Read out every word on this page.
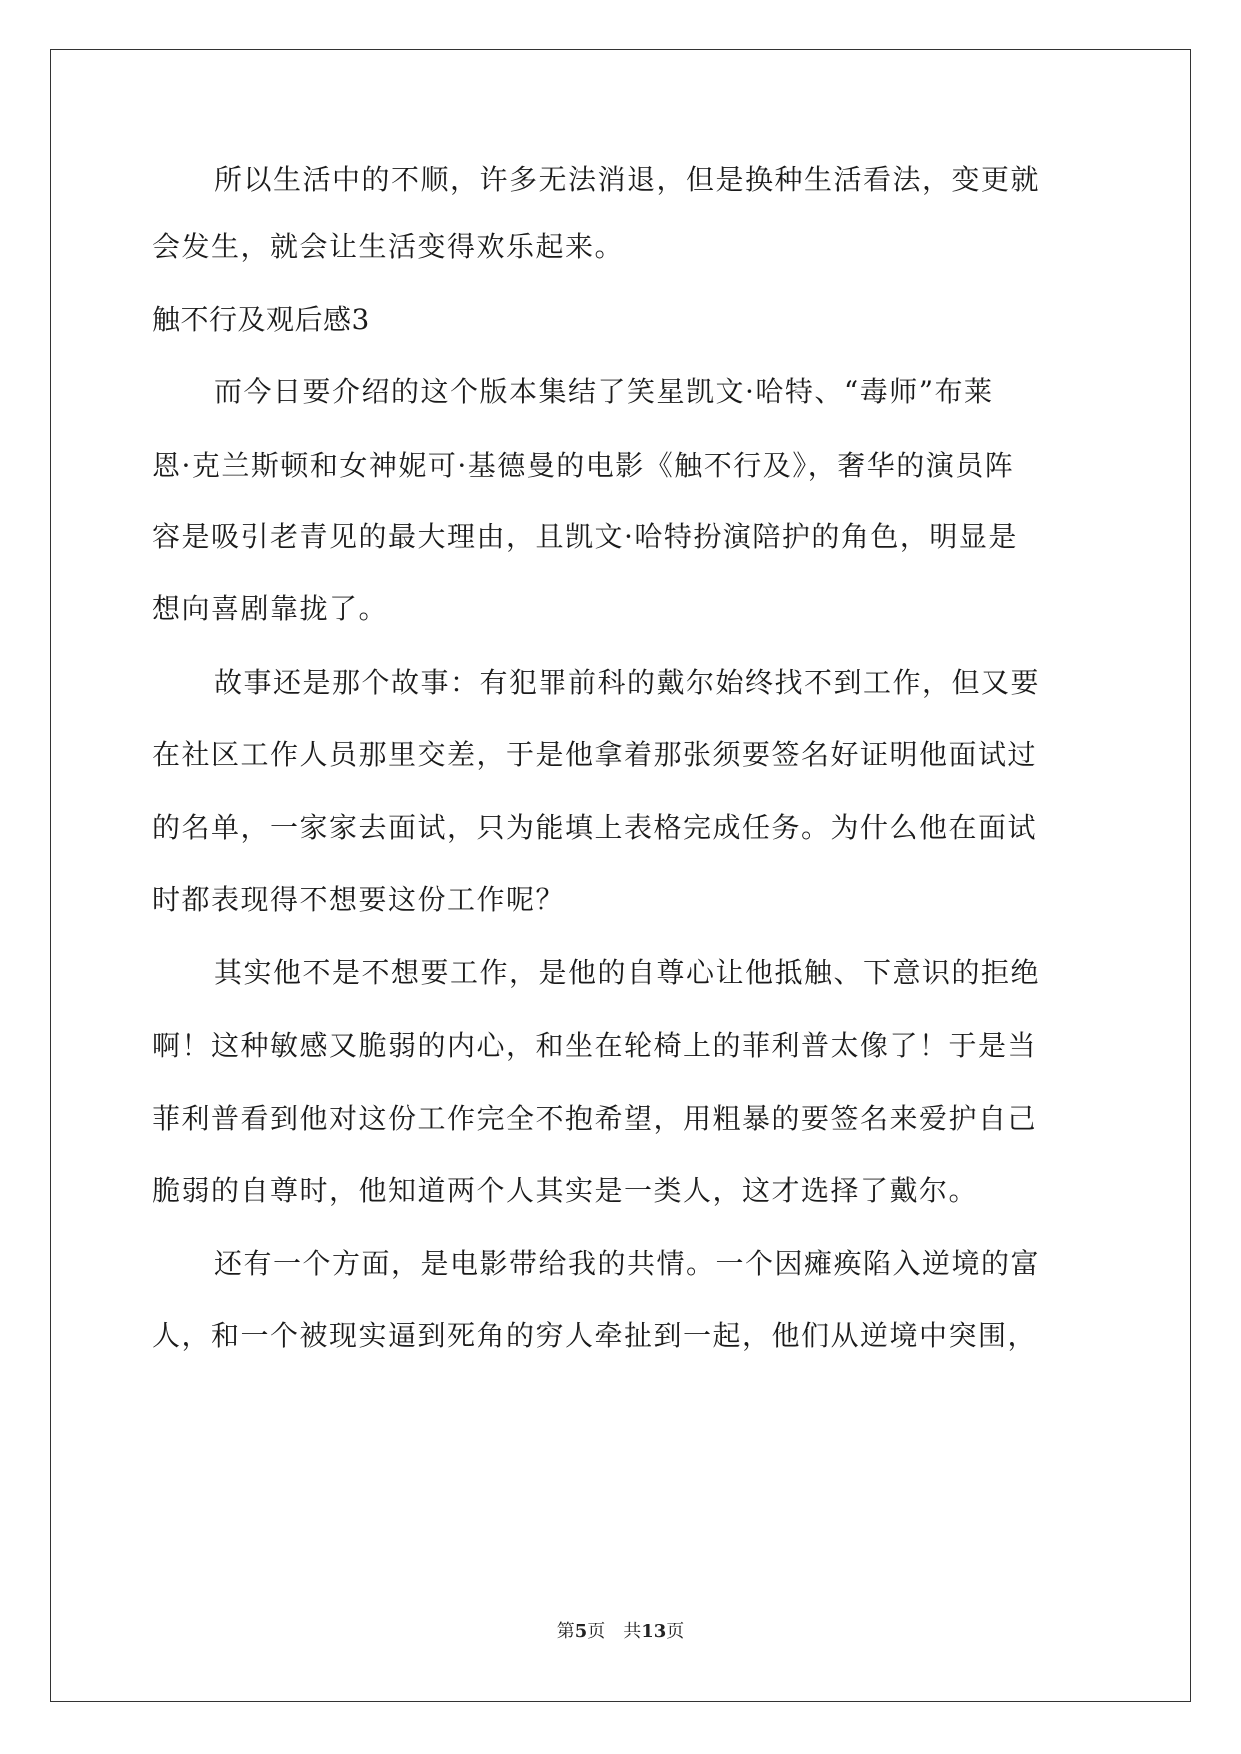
所以生活中的不顺，许多无法消退，但是换种生活看法，变更就
会发生，就会让生活变得欢乐起来。
触不行及观后感3
而今日要介绍的这个版本集结了笑星凯文·哈特、“毒师”布莱
恩·克兰斯顿和女神妮可·基德曼的电影《触不行及》，奢华的演员阵
容是吸引老青见的最大理由，且凯文·哈特扮演陪护的角色，明显是
想向喜剧靠拢了。
故事还是那个故事：有犯罪前科的戴尔始终找不到工作，但又要
在社区工作人员那里交差，于是他拿着那张须要签名好证明他面试过
的名单，一家家去面试，只为能填上表格完成任务。为什么他在面试
时都表现得不想要这份工作呢？
其实他不是不想要工作，是他的自尊心让他抵触、下意识的拒绝
啊！这种敏感又脆弱的内心，和坐在轮椅上的菲利普太像了！于是当
菲利普看到他对这份工作完全不抱希望，用粗暴的要签名来爱护自己
脆弱的自尊时，他知道两个人其实是一类人，这才选择了戴尔。
还有一个方面，是电影带给我的共情。一个因瘫痪陷入逆境的富
人，和一个被现实逼到死角的穷人牵扯到一起，他们从逆境中突围，
第5页　共13页
